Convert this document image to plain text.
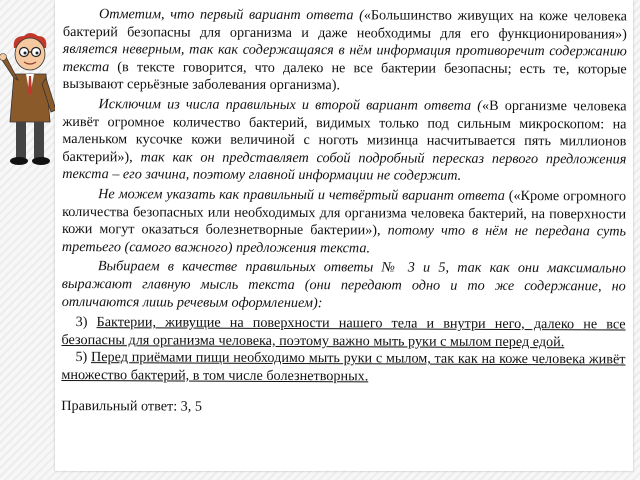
Отметим, что первый вариант ответа («Большинство живущих на коже человека бактерий безопасны для организма и даже необходимы для его функционирования») является неверным, так как содержащаяся в нём информация противоречит содержанию текста (в тексте говорится, что далеко не все бактерии безопасны; есть те, которые вызывают серьёзные заболевания организма).

Исключим из числа правильных и второй вариант ответа («В организме человека живёт огромное количество бактерий, видимых только под сильным микроскопом: на маленьком кусочке кожи величиной с ноготь мизинца насчитывается пять миллионов бактерий»), так как он представляет собой подробный пересказ первого предложения текста – его зачина, поэтому главной информации не содержит.

Не можем указать как правильный и четвёртый вариант ответа («Кроме огромного количества безопасных или необходимых для организма человека бактерий, на поверхности кожи могут оказаться болезнетворные бактерии»), потому что в нём не передана суть третьего (самого важного) предложения текста.

Выбираем в качестве правильных ответы № 3 и 5, так как они максимально выражают главную мысль текста (они передают одно и то же содержание, но отличаются лишь речевым оформлением):

3) Бактерии, живущие на поверхности нашего тела и внутри него, далеко не все безопасны для организма человека, поэтому важно мыть руки с мылом перед едой.

5) Перед приёмами пищи необходимо мыть руки с мылом, так как на коже человека живёт множество бактерий, в том числе болезнетворных.

Правильный ответ: 3, 5
